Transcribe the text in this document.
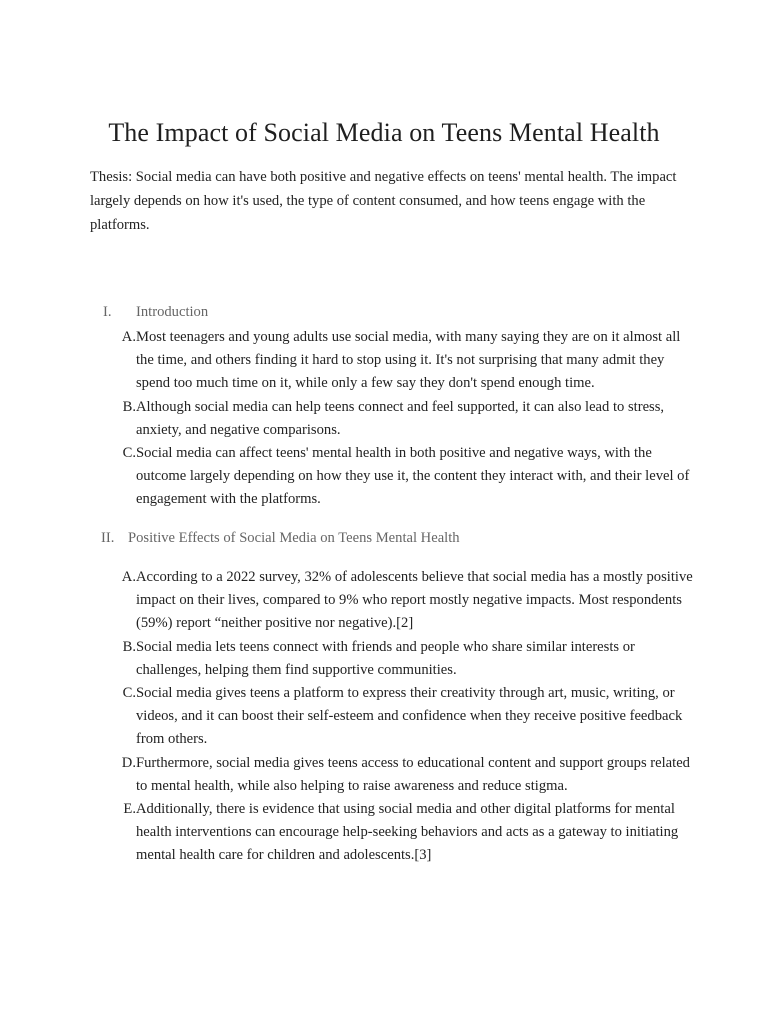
The Impact of Social Media on Teens Mental Health

Thesis: Social media can have both positive and negative effects on teens' mental health. The impact largely depends on how it's used, the type of content consumed, and how teens engage with the platforms.

I. Introduction
A. Most teenagers and young adults use social media, with many saying they are on it almost all the time, and others finding it hard to stop using it. It's not surprising that many admit they spend too much time on it, while only a few say they don't spend enough time.
B. Although social media can help teens connect and feel supported, it can also lead to stress, anxiety, and negative comparisons.
C. Social media can affect teens' mental health in both positive and negative ways, with the outcome largely depending on how they use it, the content they interact with, and their level of engagement with the platforms.
II. Positive Effects of Social Media on Teens Mental Health
A. According to a 2022 survey, 32% of adolescents believe that social media has a mostly positive impact on their lives, compared to 9% who report mostly negative impacts. Most respondents (59%) report “neither positive nor negative).[2]
B. Social media lets teens connect with friends and people who share similar interests or challenges, helping them find supportive communities.
C. Social media gives teens a platform to express their creativity through art, music, writing, or videos, and it can boost their self-esteem and confidence when they receive positive feedback from others.
D. Furthermore, social media gives teens access to educational content and support groups related to mental health, while also helping to raise awareness and reduce stigma.
E. Additionally, there is evidence that using social media and other digital platforms for mental health interventions can encourage help-seeking behaviors and acts as a gateway to initiating mental health care for children and adolescents.[3]
